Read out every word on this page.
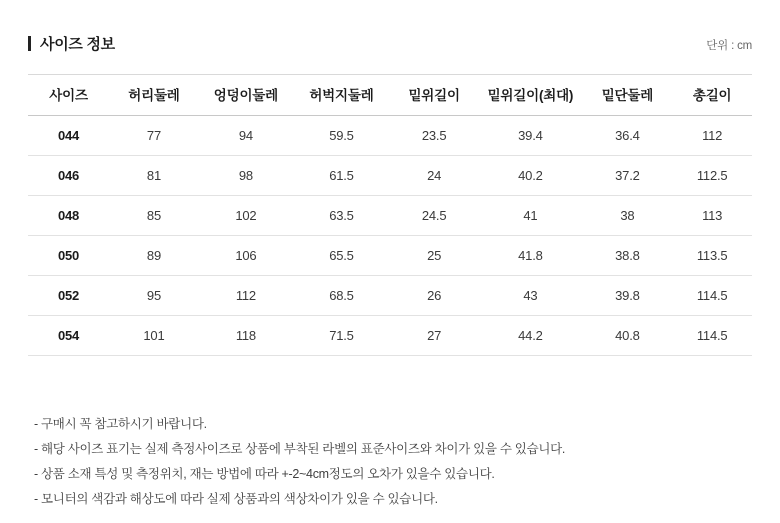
사이즈 정보	단위 : cm
사이즈	허리둘레	엉덩이둘레	허벅지둘레	밑위길이	밑위길이(최대)	밑단둘레	총길이
044	77	94	59.5	23.5	39.4	36.4	112
046	81	98	61.5	24	40.2	37.2	112.5
048	85	102	63.5	24.5	41	38	113
050	89	106	65.5	25	41.8	38.8	113.5
052	95	112	68.5	26	43	39.8	114.5
054	101	118	71.5	27	44.2	40.8	114.5
- 구매시 꼭 참고하시기 바랍니다.
- 해당 사이즈 표기는 실제 측정사이즈로 상품에 부착된 라벨의 표준사이즈와 차이가 있을 수 있습니다.
- 상품 소재 특성 및 측정위치, 재는 방법에 따라 +-2~4cm정도의 오차가 있을수 있습니다.
- 모니터의 색감과 해상도에 따라 실제 상품과의 색상차이가 있을 수 있습니다.
